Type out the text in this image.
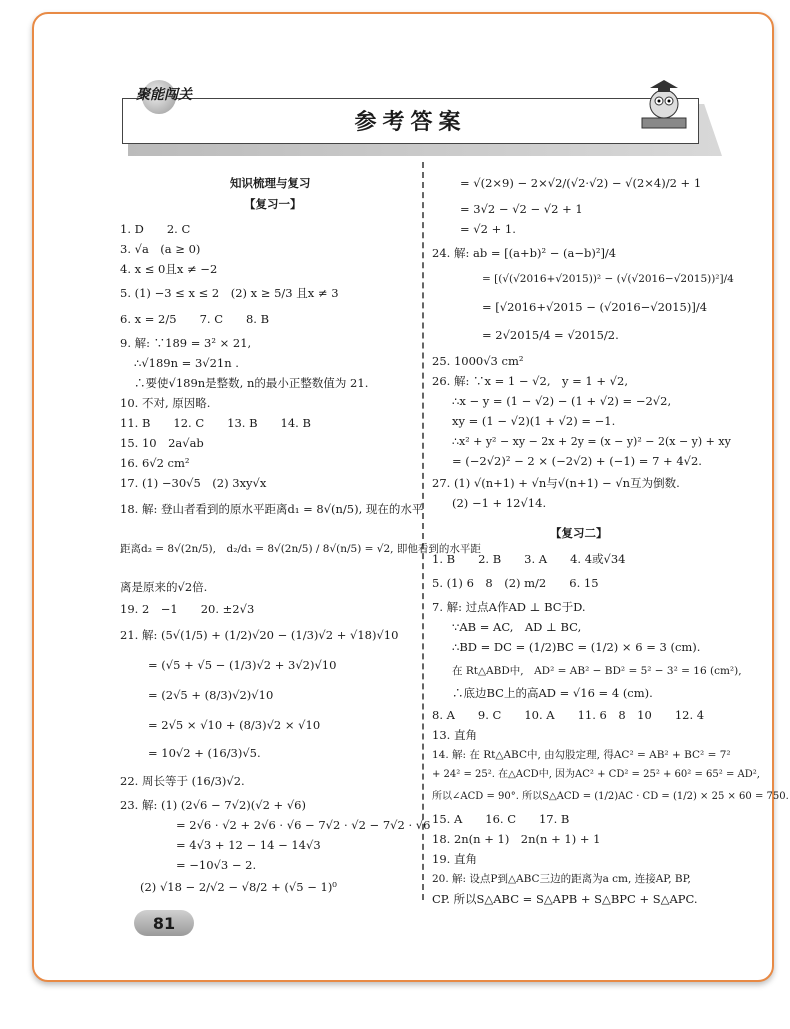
参考答案
聚能闯关
知识梳理与复习
【复习一】
1. D　　2. C
3. √a　(a ≥ 0)
4. x ≤ 0且x ≠ −2
5. (1) −3 ≤ x ≤ 2　(2) x ≥ 5/3 且x ≠ 3
6. x = 2/5　　7. C　　8. B
9. 解: ∵189 = 3² × 21,
∴√189n = 3√21n .
∴要使√189n是整数, n的最小正整数值为 21.
10. 不对, 原因略.
11. B　　12. C　　13. B　　14. B
15. 10　2a√ab
16. 6√2 cm²
17. (1) −30√5　(2) 3xy√x
18. 解: 登山者看到的原水平距离d₁ = 8√(n/5), 现在的水平
距离d₂ = 8√(2n/5),　d₂/d₁ = 8√(2n/5) / 8√(n/5) = √2, 即他看到的水平距
离是原来的√2倍.
19. 2　−1　　20. ±2√3
21. 解: (5√(1/5) + (1/2)√20 − (1/3)√2 + √18)√10
= (√5 + √5 − (1/3)√2 + 3√2)√10
= (2√5 + (8/3)√2)√10
= 2√5 × √10 + (8/3)√2 × √10
= 10√2 + (16/3)√5.
22. 周长等于 (16/3)√2.
23. 解: (1) (2√6 − 7√2)(√2 + √6)
= 2√6 · √2 + 2√6 · √6 − 7√2 · √2 − 7√2 · √6
= 4√3 + 12 − 14 − 14√3
= −10√3 − 2.
(2) √18 − 2/√2 − √8/2 + (√5 − 1)⁰
= √(2×9) − 2×√2/(√2·√2) − √(2×4)/2 + 1
= 3√2 − √2 − √2 + 1
= √2 + 1.
24. 解: ab = [(a+b)² − (a−b)²]/4
= [(√(√2016+√2015))² − (√(√2016−√2015))²]/4
= [√2016+√2015 − (√2016−√2015)]/4
= 2√2015/4 = √2015/2.
25. 1000√3 cm²
26. 解: ∵x = 1 − √2,　y = 1 + √2,
∴x − y = (1 − √2) − (1 + √2) = −2√2,
xy = (1 − √2)(1 + √2) = −1.
∴x² + y² − xy − 2x + 2y = (x − y)² − 2(x − y) + xy
= (−2√2)² − 2 × (−2√2) + (−1) = 7 + 4√2.
27. (1) √(n+1) + √n与√(n+1) − √n互为倒数.
(2) −1 + 12√14.
【复习二】
1. B　　2. B　　3. A　　4. 4或√34
5. (1) 6　8　(2) m/2　　6. 15
7. 解: 过点A作AD ⊥ BC于D.
∵AB = AC,　AD ⊥ BC,
∴BD = DC = (1/2)BC = (1/2) × 6 = 3 (cm).
在 Rt△ABD中,　AD² = AB² − BD² = 5² − 3² = 16 (cm²),
∴底边BC上的高AD = √16 = 4 (cm).
8. A　　9. C　　10. A　　11. 6　8　10　　12. 4
13. 直角
14. 解: 在 Rt△ABC中, 由勾股定理, 得AC² = AB² + BC² = 7²
+ 24² = 25². 在△ACD中, 因为AC² + CD² = 25² + 60² = 65² = AD²,
所以∠ACD = 90°. 所以S△ACD = (1/2)AC · CD = (1/2) × 25 × 60 = 750.
15. A　　16. C　　17. B
18. 2n(n + 1)　2n(n + 1) + 1
19. 直角
20. 解: 设点P到△ABC三边的距离为a cm, 连接AP, BP,
CP. 所以S△ABC = S△APB + S△BPC + S△APC.
81
